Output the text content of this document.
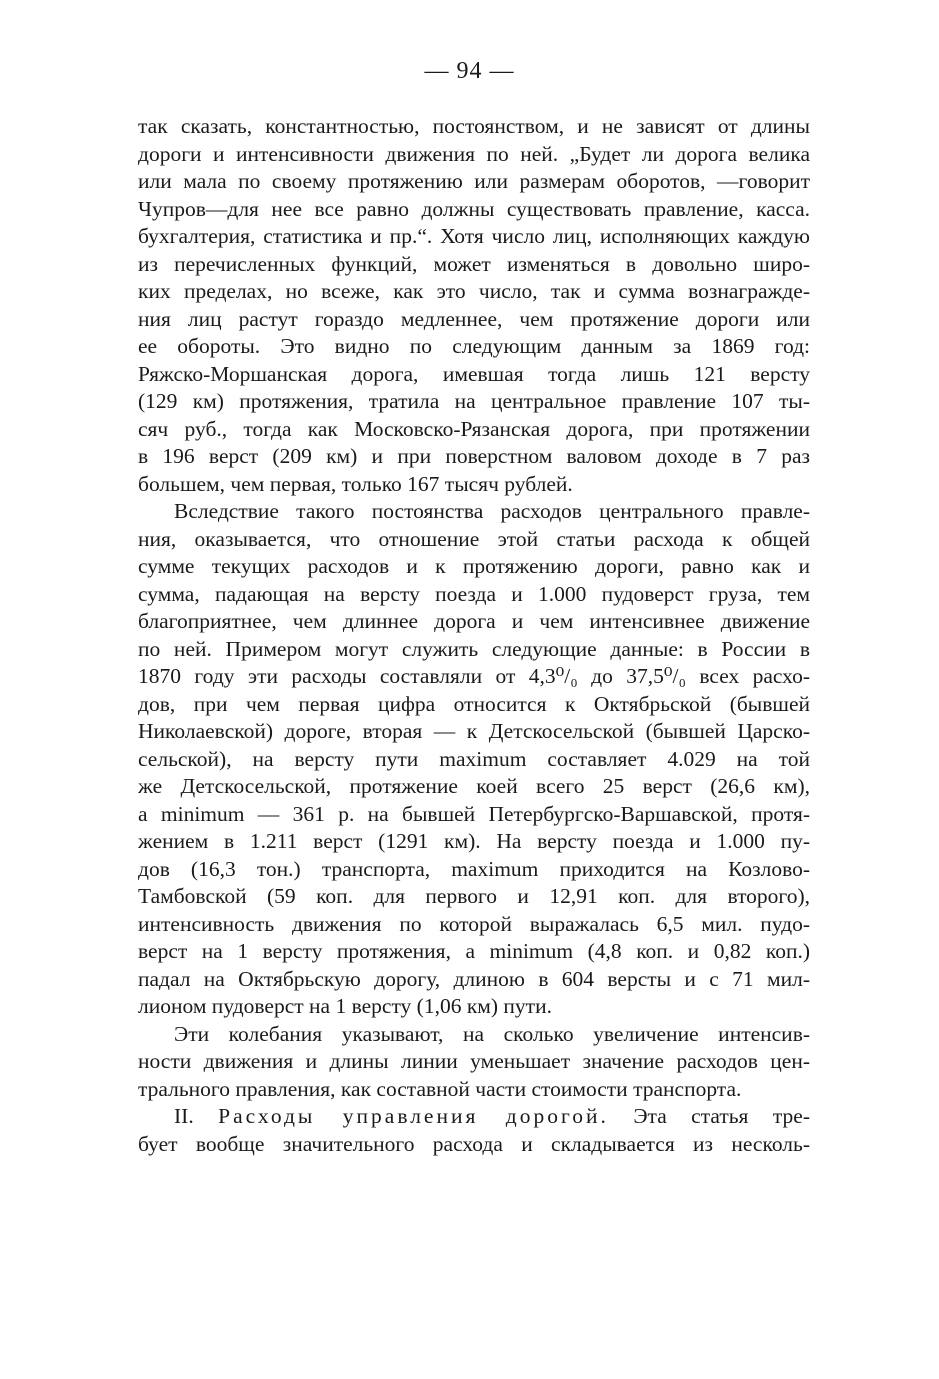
— 94 —
так сказать, константностью, постоянством, и не зависят от длины
дороги и интенсивности движения по ней. „Будет ли дорога велика
или мала по своему протяжению или размерам оборотов, —говорит
Чупров—для нее все равно должны существовать правление, касса.
бухгалтерия, статистика и пр.“. Хотя число лиц, исполняющих каждую
из перечисленных функций, может изменяться в довольно широ-
ких пределах, но всеже, как это число, так и сумма вознагражде-
ния лиц растут гораздо медленнее, чем протяжение дороги или
ее обороты. Это видно по следующим данным за 1869 год:
Ряжско-Моршанская дорога, имевшая тогда лишь 121 версту
(129 км) протяжения, тратила на центральное правление 107 ты-
сяч руб., тогда как Московско-Рязанская дорога, при протяжении
в 196 верст (209 км) и при поверстном валовом доходе в 7 раз
большем, чем первая, только 167 тысяч рублей.
Вследствие такого постоянства расходов центрального правле-
ния, оказывается, что отношение этой статьи расхода к общей
сумме текущих расходов и к протяжению дороги, равно как и
сумма, падающая на версту поезда и 1.000 пудоверст груза, тем
благоприятнее, чем длиннее дорога и чем интенсивнее движение
по ней. Примером могут служить следующие данные: в России в
1870 году эти расходы составляли от 4,3⁰/₀ до 37,5⁰/₀ всех расхо-
дов, при чем первая цифра относится к Октябрьской (бывшей
Николаевской) дороге, вторая — к Детскосельской (бывшей Царско-
сельской), на версту пути maximum составляет 4.029 на той
же Детскосельской, протяжение коей всего 25 верст (26,6 км),
а minimum — 361 р. на бывшей Петербургско-Варшавской, протя-
жением в 1.211 верст (1291 км). На версту поезда и 1.000 пу-
дов (16,3 тон.) транспорта, maximum приходится на Козлово-
Тамбовской (59 коп. для первого и 12,91 коп. для второго),
интенсивность движения по которой выражалась 6,5 мил. пудо-
верст на 1 версту протяжения, а minimum (4,8 коп. и 0,82 коп.)
падал на Октябрьскую дорогу, длиною в 604 версты и с 71 мил-
лионом пудоверст на 1 версту (1,06 км) пути.
Эти колебания указывают, на сколько увеличение интенсив-
ности движения и длины линии уменьшает значение расходов цен-
трального правления, как составной части стоимости транспорта.
II. Расходы управления дорогой. Эта статья тре-
бует вообще значительного расхода и складывается из несколь-
